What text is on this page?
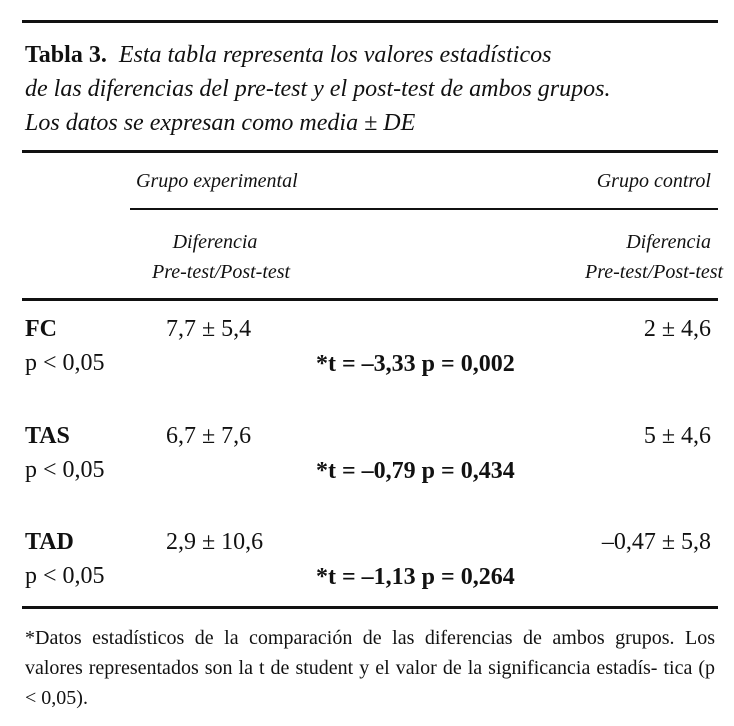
Tabla 3. Esta tabla representa los valores estadísticos
de las diferencias del pre-test y el post-test de ambos grupos.
Los datos se expresan como media ± DE
Grupo experimental	Grupo control
Diferencia
Pre-test/Post-test
Diferencia
Pre-test/Post-test
FC
p < 0,05
7,7 ± 5,4
*t = –3,33 p = 0,002
2 ± 4,6
TAS
p < 0,05
6,7 ± 7,6
*t = –0,79 p = 0,434
5 ± 4,6
TAD
p < 0,05
2,9 ± 10,6
*t = –1,13 p = 0,264
–0,47 ± 5,8
*Datos estadísticos de la comparación de las diferencias de ambos grupos. Los valores representados son la t de student y el valor de la significancia estadís- tica (p < 0,05).
